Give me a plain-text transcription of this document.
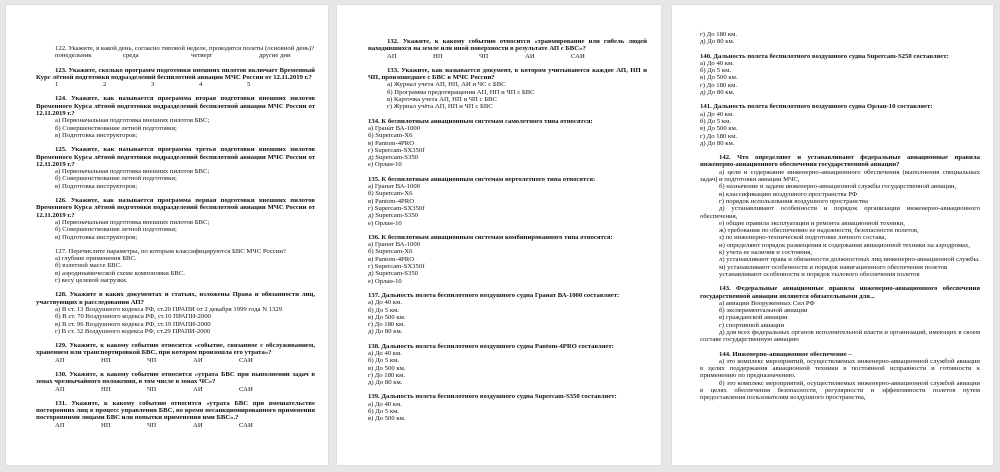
122. Укажите, в какой день, согласно типовой неделе, проводятся полеты (основной день)?
понедельник	среда	четверг	другие дни
123. Укажите, сколько программ подготовки внешних пилотов включает Временный Курс лётной подготовки подразделений беспилотной авиации МЧС России от 12.11.2019 г.?
1	2	3	4	5
124. Укажите, как называется программа вторая подготовки внешних пилотов Временного Курса лётной подготовки подразделений беспилотной авиации МЧС России от 12.11.2019 г.?
а) Первоначальная подготовка внешних пилотов БВС;
б) Совершенствование летной подготовки;
в) Подготовка инструкторов;
125. Укажите, как называется программа третья подготовки внешних пилотов Временного Курса лётной подготовки подразделений беспилотной авиации МЧС России от 12.11.2019 г.?
а) Первоначальная подготовка внешних пилотов БВС;
б) Совершенствование летной подготовки;
в) Подготовка инструкторов;
126. Укажите, как называется программа первая подготовки внешних пилотов Временного Курса лётной подготовки подразделений беспилотной авиации МЧС России от 12.11.2019 г.?
а) Первоначальная подготовка внешних пилотов БВС;
б) Совершенствование летной подготовки;
в) Подготовка инструкторов;
127. Перечислите параметры, по которым классифицируются БВС МЧС России?
а) глубине применения БВС.
б) взлетной массе БВС.
в) аэродинамической схеме компоновки БВС.
г) весу целевой нагрузки.
128. Укажите в каких документах и статьях, изложены Права и обязанности лиц, участвующих в расследовании АП?
а) В ст. 13 Воздушного кодекса РФ, ст.20 ПРАПИ от 2 декабря 1999 года N 1329
б) В ст. 70 Воздушного кодекса РФ, ст.10 ПРАПИ-2000
в) В ст. 96 Воздушного кодекса РФ, ст.19 ПРАПИ-2000
г) В ст. 32 Воздушного кодекса РФ, ст.29 ПРАПИ-2000
129. Укажите, к какому событию относится «событие, связанное с обслуживанием, хранением или транспортировкой БВС, при котором произошла его утрата»?
АП	НП	ЧП	АИ	САИ
130. Укажите, к какому событию относится «утрата БВС при выполнении задач в зонах чрезвычайного положения, в том числе в зонах ЧС»?
АП	НП	ЧП	АИ	САИ
131. Укажите, к какому событию относится «утрата БВС при вмешательстве посторонних лиц в процесс управления БВС, во время несанкционированного применения посторонними лицами БВС или попытки применения ими БВС».?
АП	НП	ЧП	АИ	САИ
132. Укажите, к какому событию относится «травмирование или гибель людей находившихся на земле или иной поверхности в результате АП с БВС»?
АП	НП	ЧП	АИ	САИ
133. Укажите, как называется документ, в котором учитываются каждое АП, НП и ЧП, произошедшее с БВС в МЧС России?
а) Журнал учета АП, НП, АИ и ЧС с БВС
б) Программа предотвращения АП, НП и ЧП с БВС
в) Карточка учета АП, НП и ЧП с БВС
г) Журнал учёта АП, НП и ЧП с БВС
134. К беспилотным авиационным системам самолетного типа относятся:
а) Гранат ВА-1000
б) Supercam-X6
в) Pantom-4PRO
г) Supercam-SX350f
д) Supercam-S350
е) Орлан-10
135. К беспилотным авиационным системам вертолетного типа относятся:
а) Гранат ВА-1000
б) Supercam-X6
в) Pantom-4PRO
г) Supercam-SX350f
д) Supercam-S350
е) Орлан-10
136. К беспилотным авиационным системам комбинированного типа относятся:
а) Гранат ВА-1000
б) Supercam-X6
в) Pantom-4PRO
г) Supercam-SX350f
д) Supercam-S350
е) Орлан-10
137. Дальность полета беспилотного воздушного судна Гранат ВА-1000 составляет:
а) До 40 км.
б) До 5 км.
в) До 500 км.
г) До 180 км.
д) До 80 км.
138. Дальность полета беспилотного воздушного судна Pantom-4PRO составляет:
а) До 40 км.
б) До 5 км.
в) До 500 км.
г) До 180 км.
д) До 80 км.
139. Дальность полета беспилотного воздушного судна Supercam-S350 составляет:
а) До 40 км.
б) До 5 км.
в) До 500 км.
г) До 180 км.
д) До 80 км.
140. Дальность полета беспилотного воздушного судна Supercam-S250 составляет:
а) До 40 км.
б) До 5 км.
в) До 500 км.
г) До 180 км.
д) До 80 км.
141. Дальность полета беспилотного воздушного судна Орлан-10 составляет:
а) До 40 км.
б) До 5 км.
в) До 500 км.
г) До 180 км.
д) До 80 км.
142. Что определяют и устанавливают федеральные авиационные правила инженерно-авиационного обеспечения государственной авиации?
а) цели и содержание инженерно-авиационного обеспечения (выполнения специальных задач) и подготовки авиации МЧС,
б) назначение и задачи инженерно-авиационной службы государственной авиации,
в) классификацию воздушного пространства РФ
г) порядок использования воздушного пространства
д) устанавливают особенности и порядок организации инженерно-авиационного обеспечения,
е) общие правила эксплуатации и ремонта авиационной техники,
ж) требования по обеспечению ее надежности, безопасности полетов,
з) по инженерно-технической подготовке личного состава,
и) определяют порядок размещения и содержания авиационной техники на аэродромах,
к) учета ее наличия и состояния,
л) устанавливают права и обязанности должностных лиц инженерно-авиационной службы.
м) устанавливают особенности и порядок навигационного обеспечения полетов
устанавливают особенности и порядок тылового обеспечения полетов
143. Федеральные авиационные правила инженерно-авиационного обеспечения государственной авиации являются обязательными для...
а) авиации Вооруженных Сил РФ
б) экспериментальной авиации
в) гражданской авиации
г) спортивной авиации
д) для всех федеральных органов исполнительной власти и организаций, имеющих в своем составе государственную авиацию
144. Инженерно-авиационное обеспечение –
а) это комплекс мероприятий, осуществляемых инженерно-авиационной службой авиации в целях поддержания авиационной техники в постоянной исправности и готовности к применению по предназначению.
б) это комплекс мероприятий, осуществляемых инженерно-авиационной службой авиации в целях обеспечения безопасности, регулярности и эффективности полетов путем предоставления пользователям воздушного пространства,
